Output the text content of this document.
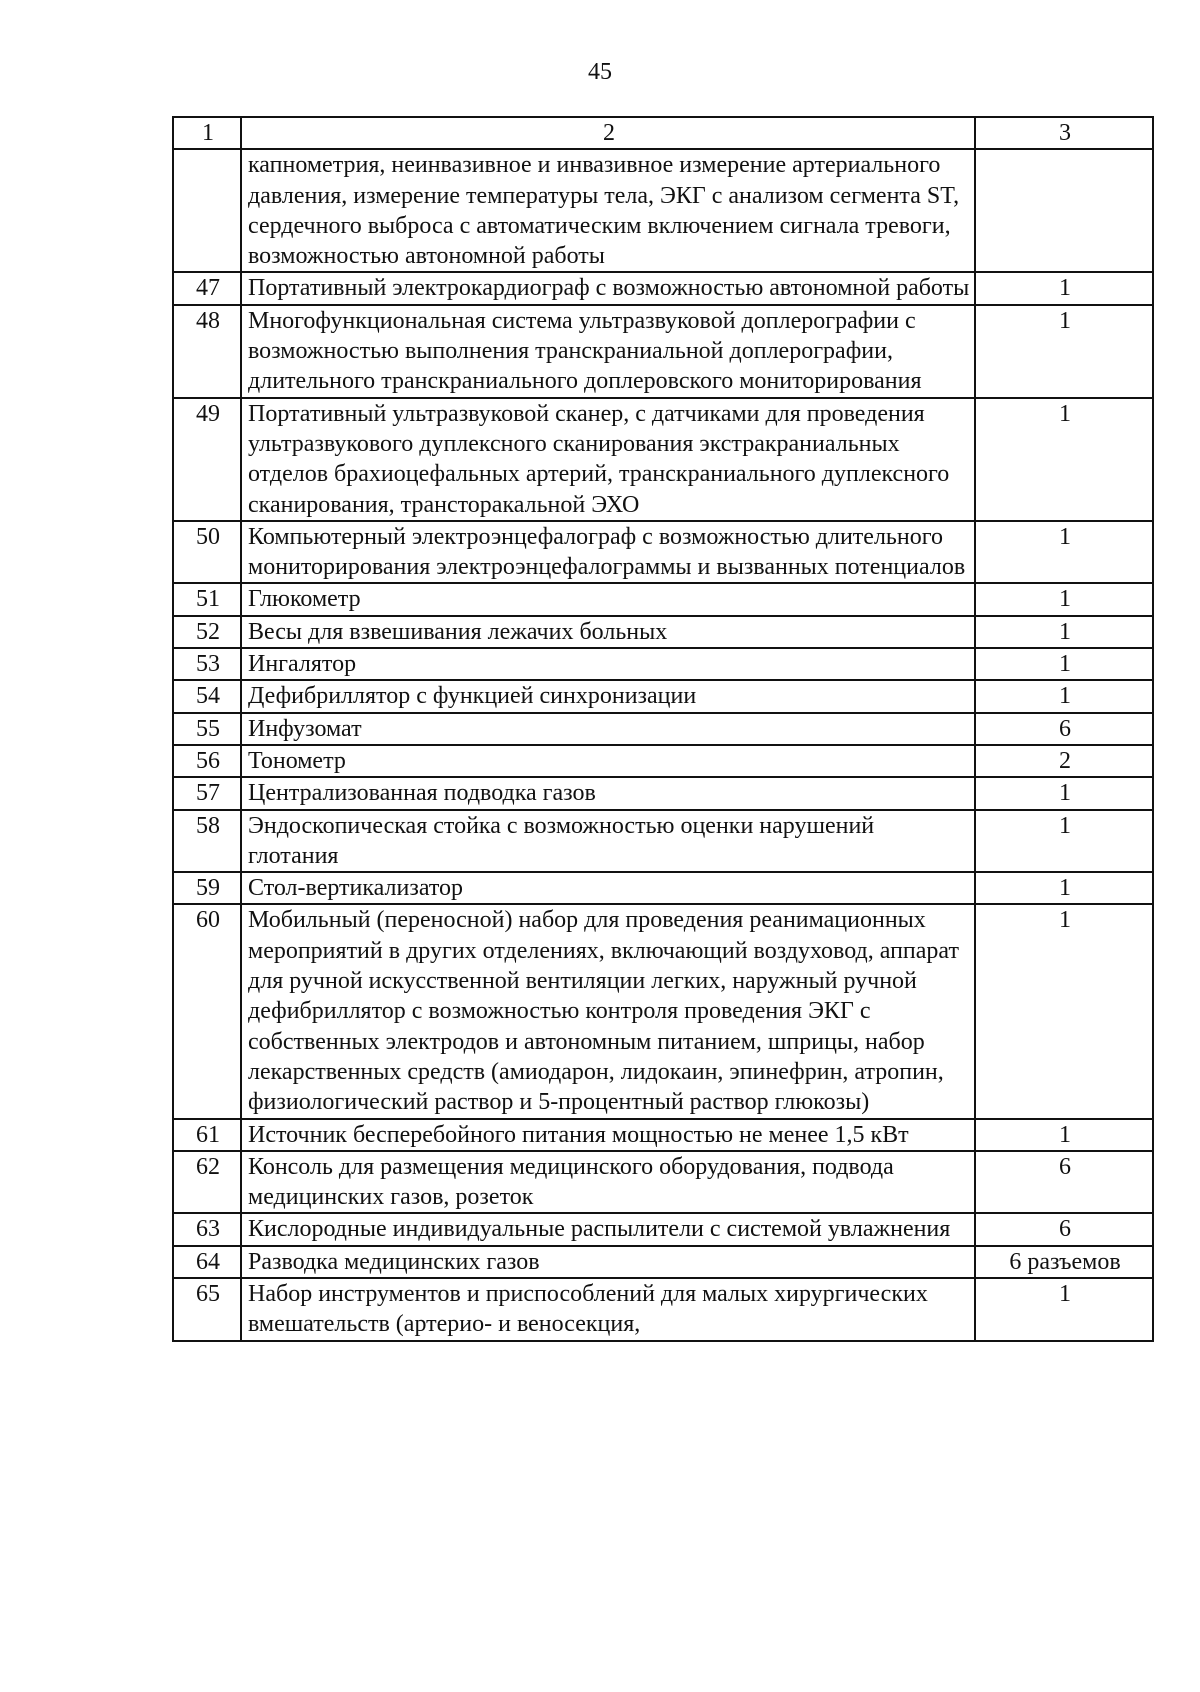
45
1	2	3
	капнометрия, неинвазивное и инвазивное измерение артериального давления, измерение температуры тела, ЭКГ с анализом сегмента ST, сердечного выброса с автоматическим включением сигнала тревоги, возможностью автономной работы	
47	Портативный электрокардиограф с возможностью автономной работы	1
48	Многофункциональная система ультразвуковой доплерографии с возможностью выполнения транскраниальной доплерографии, длительного транскраниального доплеровского мониторирования	1
49	Портативный ультразвуковой сканер, с датчиками для проведения ультразвукового дуплексного сканирования экстракраниальных отделов брахиоцефальных артерий, транскраниального дуплексного сканирования, трансторакальной ЭХО	1
50	Компьютерный электроэнцефалограф с возможностью длительного мониторирования электроэнцефалограммы и вызванных потенциалов	1
51	Глюкометр	1
52	Весы для взвешивания лежачих больных	1
53	Ингалятор	1
54	Дефибриллятор с функцией синхронизации	1
55	Инфузомат	6
56	Тонометр	2
57	Централизованная подводка газов	1
58	Эндоскопическая стойка с возможностью оценки нарушений глотания	1
59	Стол-вертикализатор	1
60	Мобильный (переносной) набор для проведения реанимационных мероприятий в других отделениях, включающий воздуховод, аппарат для ручной искусственной вентиляции легких, наружный ручной дефибриллятор с возможностью контроля проведения ЭКГ с собственных электродов и автономным питанием, шприцы, набор лекарственных средств (амиодарон, лидокаин, эпинефрин, атропин, физиологический раствор и 5-процентный раствор глюкозы)	1
61	Источник бесперебойного питания мощностью не менее 1,5 кВт	1
62	Консоль для размещения медицинского оборудования, подвода медицинских газов, розеток	6
63	Кислородные индивидуальные распылители с системой увлажнения	6
64	Разводка медицинских газов	6 разъемов
65	Набор инструментов и приспособлений для малых хирургических вмешательств (артерио- и веносекция,	1
